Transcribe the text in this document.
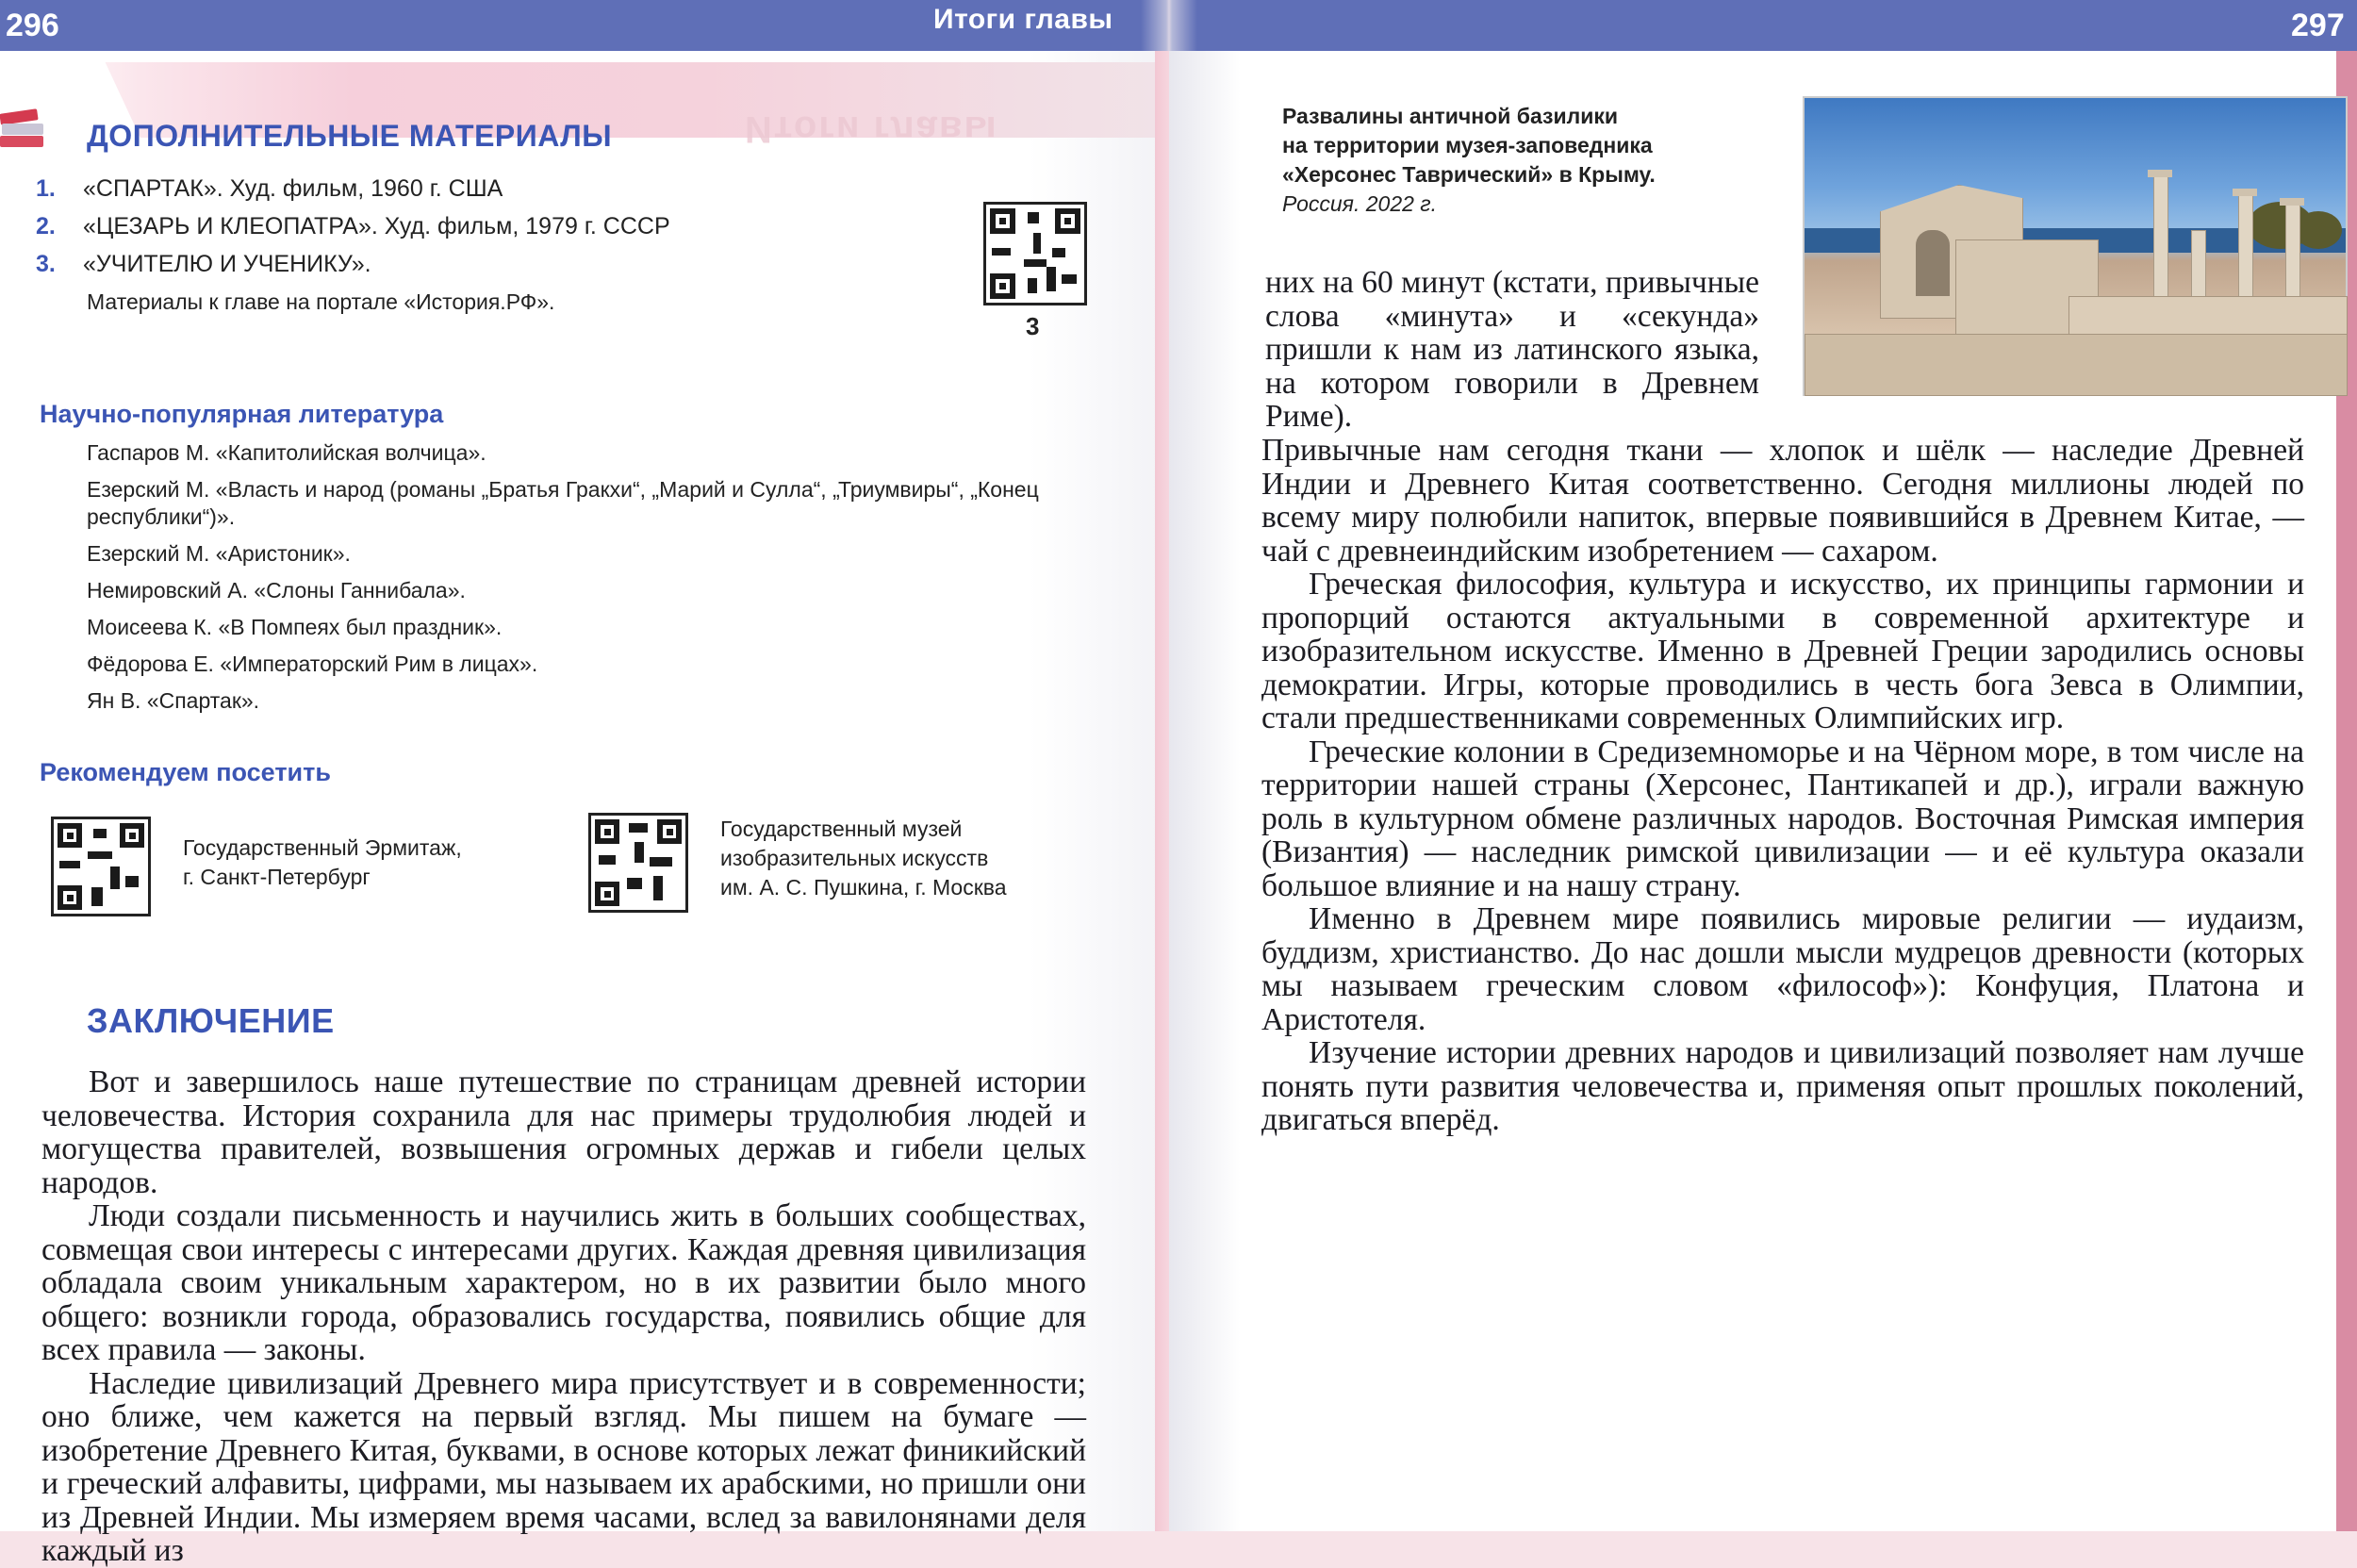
296	Итоги главы	297
Итоги главы
ДОПОЛНИТЕЛЬНЫЕ МАТЕРИАЛЫ
1. «СПАРТАК». Худ. фильм, 1960 г. США
2. «ЦЕЗАРЬ И КЛЕОПАТРА». Худ. фильм, 1979 г. СССР
3. «УЧИТЕЛЮ И УЧЕНИКУ».
Материалы к главе на портале «История.РФ».
3
Научно-популярная литература
Гаспаров М. «Капитолийская волчица».
Езерский М. «Власть и народ (романы „Братья Гракхи“, „Марий и Сулла“, „Триумвиры“, „Конец республики“)».
Езерский М. «Аристоник».
Немировский А. «Слоны Ганнибала».
Моисеева К. «В Помпеях был праздник».
Фёдорова Е. «Императорский Рим в лицах».
Ян В. «Спартак».
Рекомендуем посетить
Государственный Эрмитаж,
г. Санкт-Петербург
Государственный музей
изобразительных искусств
им. А. С. Пушкина, г. Москва
ЗАКЛЮЧЕНИЕ

Вот и завершилось наше путешествие по страницам древней истории человечества. История сохранила для нас примеры трудолюбия людей и могущества правителей, возвышения огромных держав и гибели целых народов.

Люди создали письменность и научились жить в больших сообществах, совмещая свои интересы с интересами других. Каждая древняя цивилизация обладала своим уникальным характером, но в их развитии было много общего: возникли города, образовались государства, появились общие для всех правила — законы.

Наследие цивилизаций Древнего мира присутствует и в современности; оно ближе, чем кажется на первый взгляд. Мы пишем на бумаге — изобретение Древнего Китая, буквами, в основе которых лежат финикийский и греческий алфавиты, цифрами, мы называем их арабскими, но пришли они из Древней Индии. Мы измеряем время часами, вслед за вавилонянами деля каждый из

Развалины античной базилики
на территории музея-заповедника
«Херсонес Таврический» в Крыму.
Россия. 2022 г.

них на 60 минут (кстати, привычные слова «минута» и «секунда» пришли к нам из латинского языка, на котором говорили в Древнем Риме).

Привычные нам сегодня ткани — хлопок и шёлк — наследие Древней Индии и Древнего Китая соответственно. Сегодня миллионы людей по всему миру полюбили напиток, впервые появившийся в Древнем Китае, — чай с древнеиндийским изобретением — сахаром.

Греческая философия, культура и искусство, их принципы гармонии и пропорций остаются актуальными в современной архитектуре и изобразительном искусстве. Именно в Древней Греции зародились основы демократии. Игры, которые проводились в честь бога Зевса в Олимпии, стали предшественниками современных Олимпийских игр.

Греческие колонии в Средиземноморье и на Чёрном море, в том числе на территории нашей страны (Херсонес, Пантикапей и др.), играли важную роль в культурном обмене различных народов. Восточная Римская империя (Византия) — наследник римской цивилизации — и её культура оказали большое влияние и на нашу страну.

Именно в Древнем мире появились мировые религии — иудаизм, буддизм, христианство. До нас дошли мысли мудрецов древности (которых мы называем греческим словом «философ»): Конфуция, Платона и Аристотеля.

Изучение истории древних народов и цивилизаций позволяет нам лучше понять пути развития человечества и, применяя опыт прошлых поколений, двигаться вперёд.
